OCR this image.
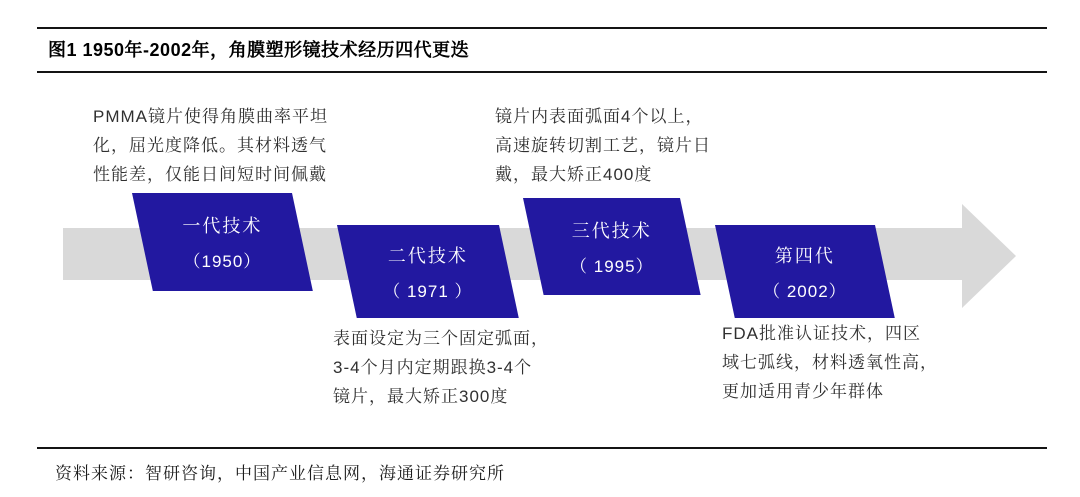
图1 1950年-2002年，角膜塑形镜技术经历四代更迭
PMMA镜片使得角膜曲率平坦
化，屈光度降低。其材料透气
性能差，仅能日间短时间佩戴
镜片内表面弧面4个以上，
高速旋转切割工艺，镜片日
戴，最大矫正400度
表面设定为三个固定弧面，
3-4个月内定期跟换3-4个
镜片，最大矫正300度
FDA批准认证技术，四区
域七弧线，材料透氧性高，
更加适用青少年群体
一代技术
（1950）	二代技术
（ 1971 ）
三代技术
（ 1995）
第四代
（ 2002）
资料来源：智研咨询，中国产业信息网，海通证券研究所
